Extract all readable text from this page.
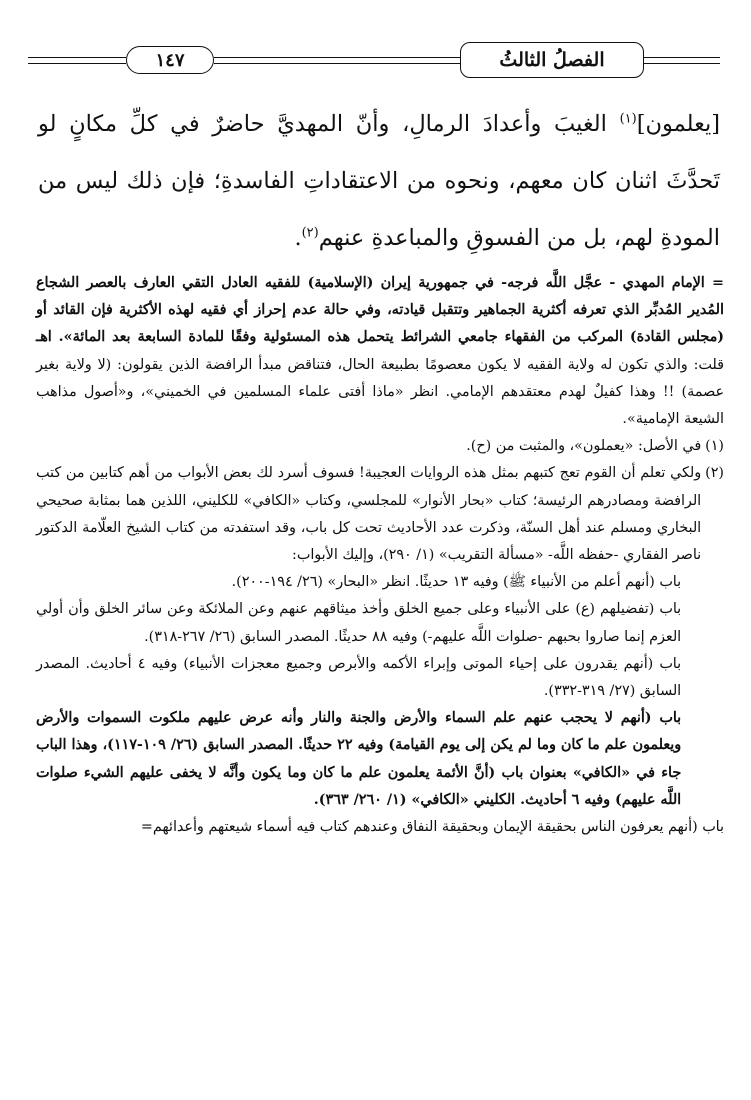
الفصلُ الثالثُ
١٤٧
[يعلمون]$^{(١)}$ الغيبَ وأعدادَ الرمالِ، وأنّ المهديَّ حاضرٌ في كلِّ مكانٍ لو تَحدَّثَ اثنان كان معهم، ونحوه من الاعتقاداتِ الفاسدةِ؛ فإن ذلك ليس من المودةِ لهم، بل من الفسوقِ والمباعدةِ عنهم$^{(٢)}$.

= الإمام المهدي - عجَّل اللَّه فرجه- في جمهورية إيران (الإسلامية) للفقيه العادل التقي العارف بالعصر الشجاع المُدير المُدبِّر الذي تعرفه أكثرية الجماهير وتتقبل قيادته، وفي حالة عدم إحراز أي فقيه لهذه الأكثرية فإن القائد أو (مجلس القادة) المركب من الفقهاء جامعي الشرائط يتحمل هذه المسئولية وفقًا للمادة السابعة بعد المائة». اهـ قلت: والذي تكون له ولاية الفقيه لا يكون معصومًا بطبيعة الحال، فتناقض مبدأ الرافضة الذين يقولون: (لا ولاية بغير عصمة) !! وهذا كفيلٌ لهدم معتقدهم الإمامي. انظر «ماذا أفتى علماء المسلمين في الخميني»، و«أصول مذاهب الشيعة الإمامية».

(١)
في الأصل: «يعملون»، والمثبت من (ح).
(٢)

ولكي تعلم أن القوم تعج كتبهم بمثل هذه الروايات العجيبة! فسوف أسرد لك بعض الأبواب من أهم كتابين من كتب الرافضة ومصادرهم الرئيسة؛ كتاب «بحار الأنوار» للمجلسي، وكتاب «الكافي» للكليني، اللذين هما بمثابة صحيحي البخاري ومسلم عند أهل السنّة، وذكرت عدد الأحاديث تحت كل باب، وقد استفدته من كتاب الشيخ العلّامة الدكتور ناصر الفقاري -حفظه اللَّه- «مسألة التقريب» (١/ ٢٩٠)، وإليك الأبواب:

باب (أنهم أعلم من الأنبياء ﷺ) وفيه ١٣ حديثًا. انظر «البحار» (٢٦/ ١٩٤-٢٠٠).

باب (تفضيلهم (ع) على الأنبياء وعلى جميع الخلق وأخذ ميثاقهم عنهم وعن الملائكة وعن سائر الخلق وأن أولي العزم إنما صاروا بحبهم -صلوات اللَّه عليهم-) وفيه ٨٨ حديثًا. المصدر السابق (٢٦/ ٢٦٧-٣١٨).

باب (أنهم يقدرون على إحياء الموتى وإبراء الأكمه والأبرص وجميع معجزات الأنبياء) وفيه ٤ أحاديث. المصدر السابق (٢٧/ ٣١٩-٣٣٢).

باب (أنهم لا يحجب عنهم علم السماء والأرض والجنة والنار وأنه عرض عليهم ملكوت السموات والأرض ويعلمون علم ما كان وما لم يكن إلى يوم القيامة) وفيه ٢٢ حديثًا. المصدر السابق (٢٦/ ١٠٩-١١٧)، وهذا الباب جاء في «الكافي» بعنوان باب (أنَّ الأئمة يعلمون علم ما كان وما يكون وأنَّه لا يخفى عليهم الشيء صلوات اللَّه عليهم) وفيه ٦ أحاديث. الكليني «الكافي» (١/ ٢٦٠/ ٣٦٣).

باب (أنهم يعرفون الناس بحقيقة الإيمان وبحقيقة النفاق وعندهم كتاب فيه أسماء شيعتهم وأعدائهم=
